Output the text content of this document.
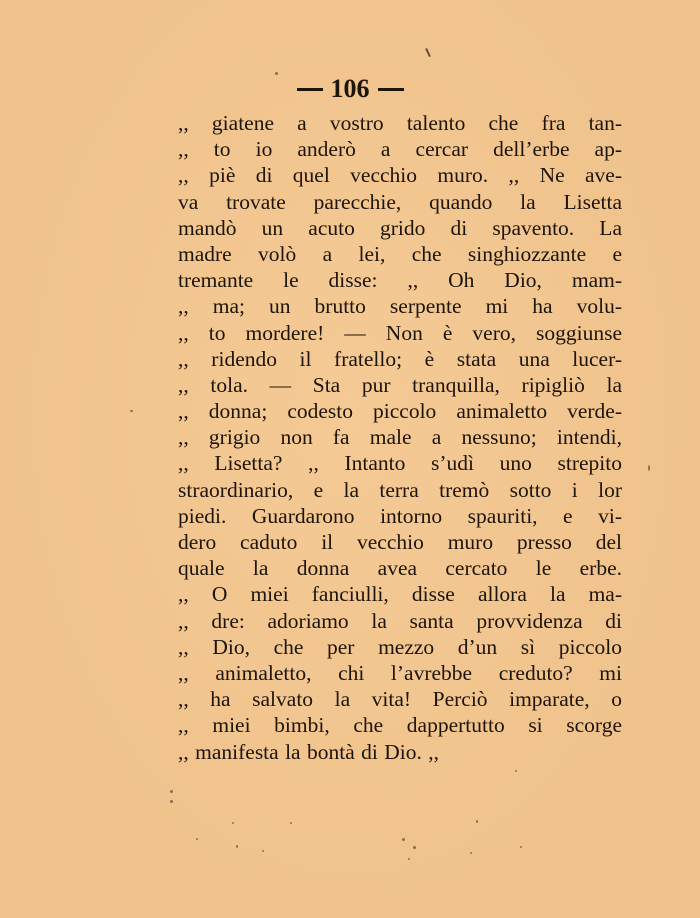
106
,, giatene a vostro talento che fra tan-
,, to io anderò a cercar dell’erbe ap-
,, piè di quel vecchio muro. ,, Ne ave-
va trovate parecchie, quando la Lisetta
mandò un acuto grido di spavento. La
madre volò a lei, che singhiozzante e
tremante le disse: ,, Oh Dio, mam-
,, ma; un brutto serpente mi ha volu-
,, to mordere! — Non è vero, soggiunse
,, ridendo il fratello; è stata una lucer-
,, tola. — Sta pur tranquilla, ripigliò la
,, donna; codesto piccolo animaletto verde-
,, grigio non fa male a nessuno; intendi,
,, Lisetta? ,, Intanto s’udì uno strepito
straordinario, e la terra tremò sotto i lor
piedi. Guardarono intorno spauriti, e vi-
dero caduto il vecchio muro presso del
quale la donna avea cercato le erbe.
,, O miei fanciulli, disse allora la ma-
,, dre: adoriamo la santa provvidenza di
,, Dio, che per mezzo d’un sì piccolo
,, animaletto, chi l’avrebbe creduto? mi
,, ha salvato la vita! Perciò imparate, o
,, miei bimbi, che dappertutto si scorge
,, manifesta la bontà di Dio. ,,
